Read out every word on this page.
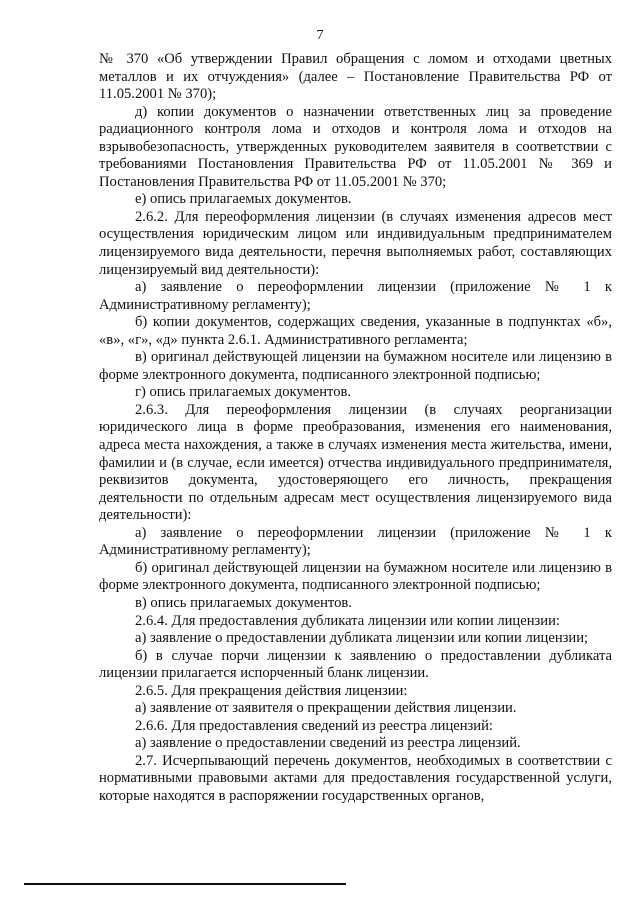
7

№ 370 «Об утверждении Правил обращения с ломом и отходами цветных металлов и их отчуждения» (далее – Постановление Правительства РФ от 11.05.2001 № 370);

д) копии документов о назначении ответственных лиц за проведение радиационного контроля лома и отходов и контроля лома и отходов на взрывобезопасность, утвержденных руководителем заявителя в соответствии с требованиями Постановления Правительства РФ от 11.05.2001 № 369 и Постановления Правительства РФ от 11.05.2001 № 370;

е) опись прилагаемых документов.

2.6.2. Для переоформления лицензии (в случаях изменения адресов мест осуществления юридическим лицом или индивидуальным предпринимателем лицензируемого вида деятельности, перечня выполняемых работ, составляющих лицензируемый вид деятельности):

а) заявление о переоформлении лицензии (приложение № 1 к Административному регламенту);

б) копии документов, содержащих сведения, указанные в подпунктах «б», «в», «г», «д» пункта 2.6.1. Административного регламента;

в) оригинал действующей лицензии на бумажном носителе или лицензию в форме электронного документа, подписанного электронной подписью;

г) опись прилагаемых документов.

2.6.3. Для переоформления лицензии (в случаях реорганизации юридического лица в форме преобразования, изменения его наименования, адреса места нахождения, а также в случаях изменения места жительства, имени, фамилии и (в случае, если имеется) отчества индивидуального предпринимателя, реквизитов документа, удостоверяющего его личность, прекращения деятельности по отдельным адресам мест осуществления лицензируемого вида деятельности):

а) заявление о переоформлении лицензии (приложение № 1 к Административному регламенту);

б) оригинал действующей лицензии на бумажном носителе или лицензию в форме электронного документа, подписанного электронной подписью;

в) опись прилагаемых документов.

2.6.4. Для предоставления дубликата лицензии или копии лицензии:

а) заявление о предоставлении дубликата лицензии или копии лицензии;

б) в случае порчи лицензии к заявлению о предоставлении дубликата лицензии прилагается испорченный бланк лицензии.

2.6.5. Для прекращения действия лицензии:

а) заявление от заявителя о прекращении действия лицензии.

2.6.6. Для предоставления сведений из реестра лицензий:

а) заявление о предоставлении сведений из реестра лицензий.

2.7. Исчерпывающий перечень документов, необходимых в соответствии с нормативными правовыми актами для предоставления государственной услуги, которые находятся в распоряжении государственных органов,
